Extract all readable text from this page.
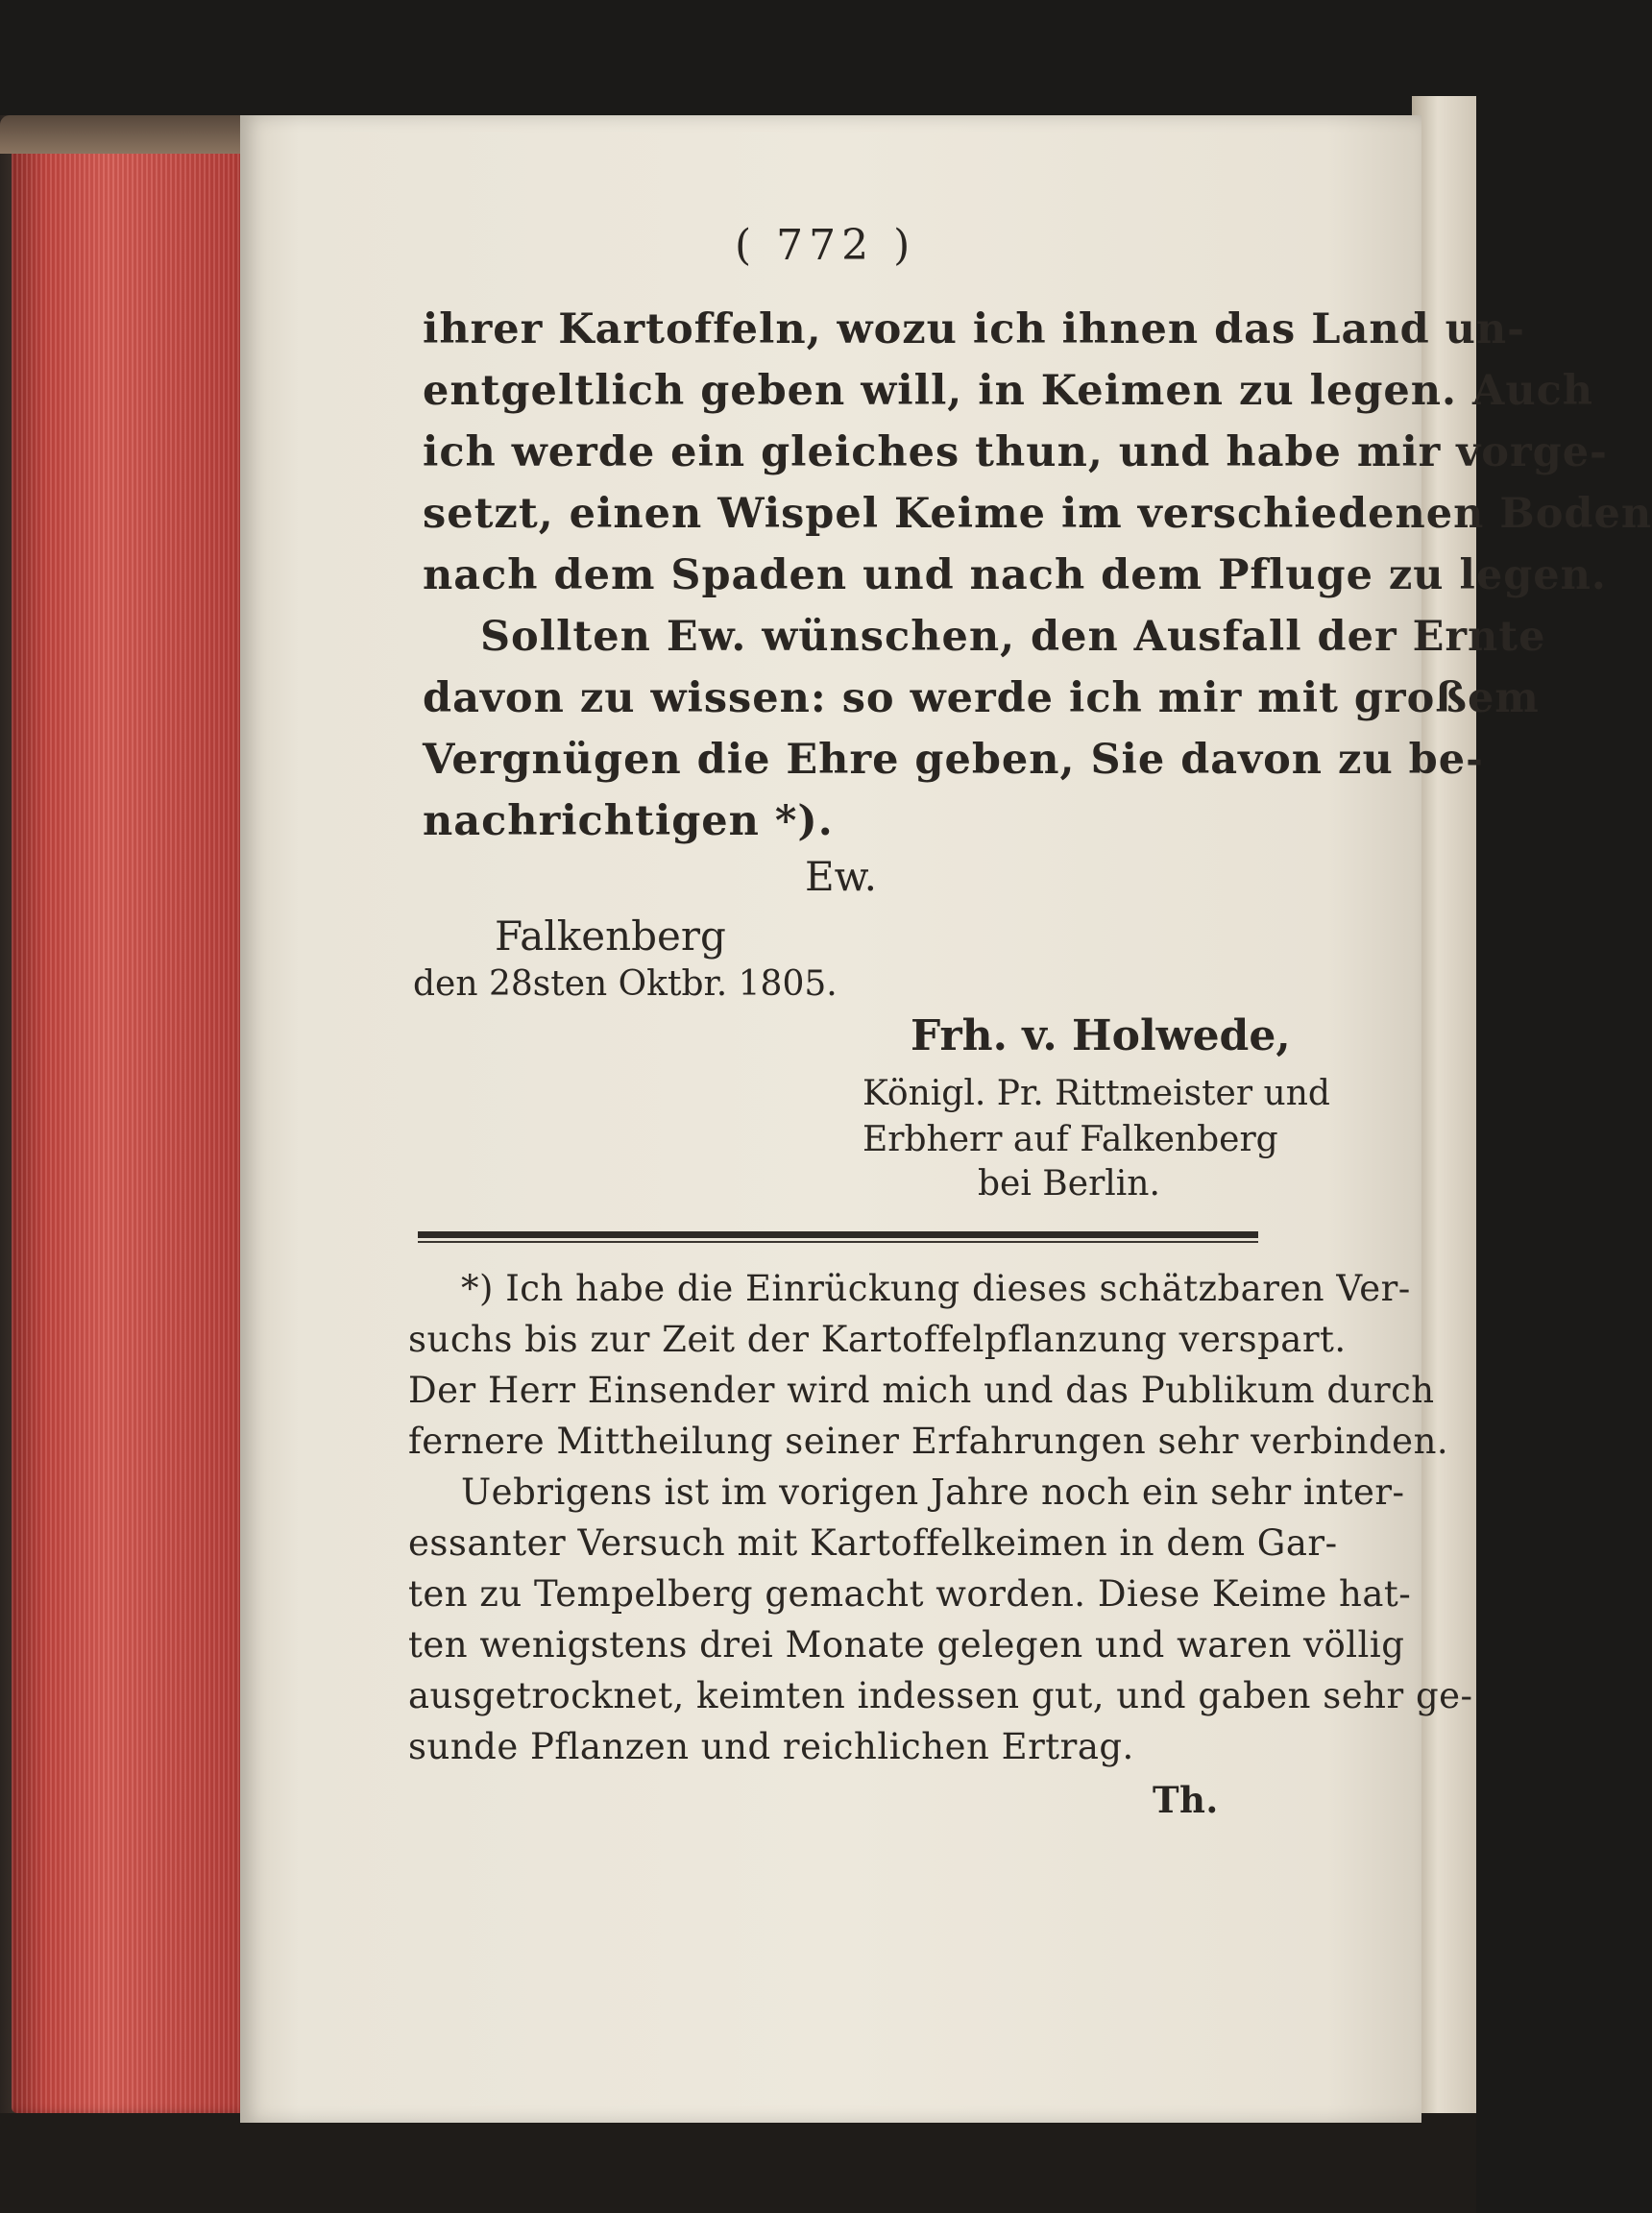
( 772 )
ihrer Kartoffeln, wozu ich ihnen das Land un-
entgeltlich geben will, in Keimen zu legen. Auch
ich werde ein gleiches thun, und habe mir vorge-
setzt, einen Wispel Keime im verschiedenen Boden
nach dem Spaden und nach dem Pfluge zu legen.
Sollten Ew. wünschen, den Ausfall der Ernte
davon zu wissen: so werde ich mir mit großem
Vergnügen die Ehre geben, Sie davon zu be-
nachrichtigen *).
Ew.
Falkenberg
den 28sten Oktbr. 1805.
Frh. v. Holwede,
Königl. Pr. Rittmeister und
Erbherr auf Falkenberg
bei Berlin.
*) Ich habe die Einrückung dieses schätzbaren Ver-
suchs bis zur Zeit der Kartoffelpflanzung verspart.
Der Herr Einsender wird mich und das Publikum durch
fernere Mittheilung seiner Erfahrungen sehr verbinden.
Uebrigens ist im vorigen Jahre noch ein sehr inter-
essanter Versuch mit Kartoffelkeimen in dem Gar-
ten zu Tempelberg gemacht worden. Diese Keime hat-
ten wenigstens drei Monate gelegen und waren völlig
ausgetrocknet, keimten indessen gut, und gaben sehr ge-
sunde Pflanzen und reichlichen Ertrag.
Th.
